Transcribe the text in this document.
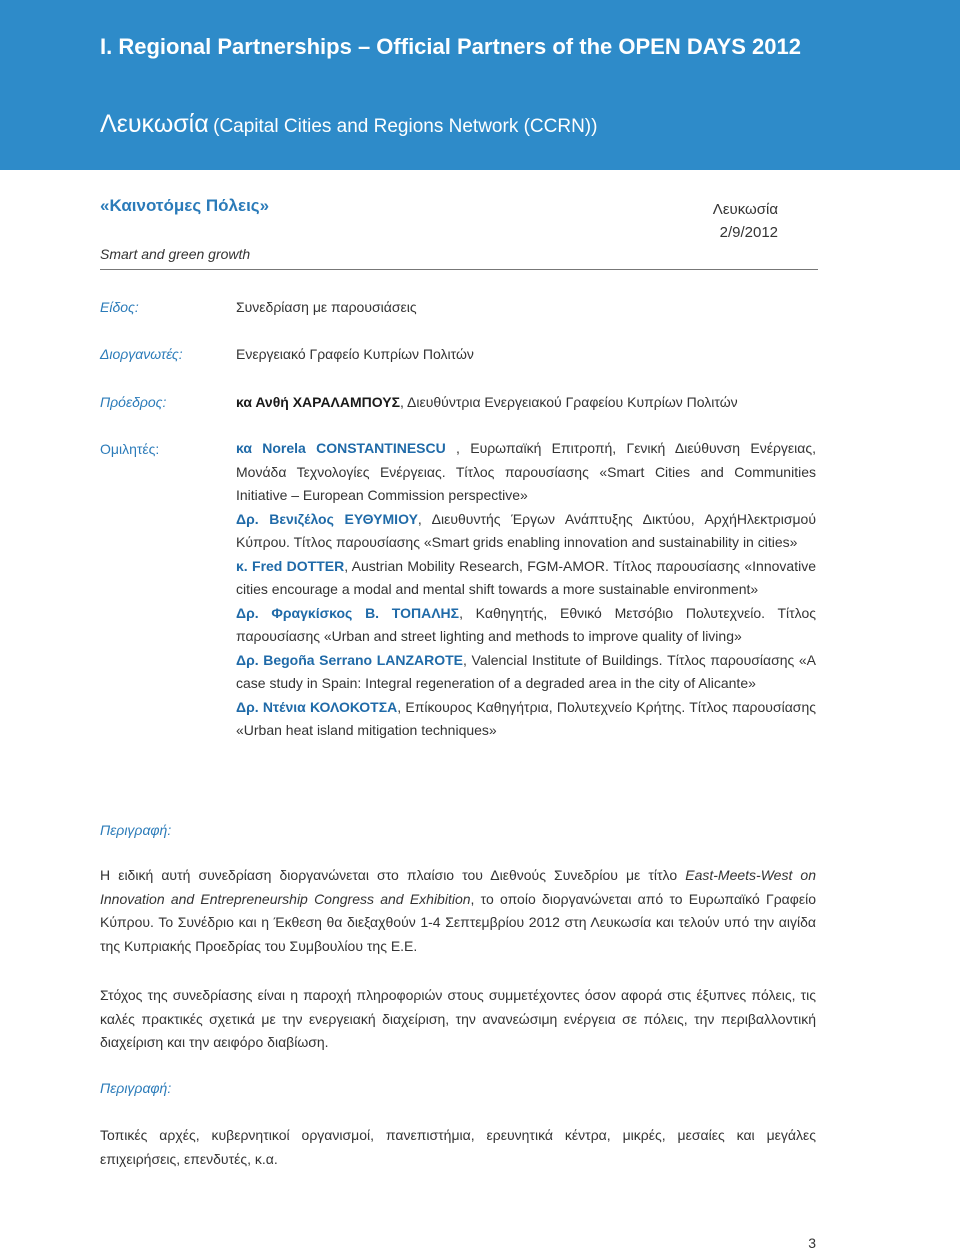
I. Regional Partnerships – Official Partners of the OPEN DAYS 2012
Λευκωσία (Capital Cities and Regions Network (CCRN))
«Καινοτόμες Πόλεις»
Smart and green growth
Λευκωσία
2/9/2012
Είδος:	Συνεδρίαση με παρουσιάσεις
Διοργανωτές:	Ενεργειακό Γραφείο Κυπρίων Πολιτών
Πρόεδρος:	κα Ανθή ΧΑΡΑΛΑΜΠΟΥΣ, Διευθύντρια Ενεργειακού Γραφείου Κυπρίων Πολιτών
Ομιλητές:	κα Norela CONSTANTINESCU , Ευρωπαϊκή Επιτροπή, Γενική Διεύθυνση Ενέργειας, Μονάδα Τεχνολογίες Ενέργειας. Τίτλος παρουσίασης «Smart Cities and Communities Initiative – European Commission perspective»

Δρ. Βενιζέλος ΕΥΘΥΜΙΟΥ, Διευθυντής Έργων Ανάπτυξης Δικτύου, ΑρχήΗλεκτρισμού Κύπρου. Τίτλος παρουσίασης «Smart grids enabling innovation and sustainability in cities»

κ. Fred DOTTER, Austrian Mobility Research, FGM-AMOR. Τίτλος παρουσίασης «Innovative cities encourage a modal and mental shift towards a more sustainable environment»

Δρ. Φραγκίσκος Β. ΤΟΠΑΛΗΣ, Καθηγητής, Εθνικό Μετσόβιο Πολυτεχνείο. Τίτλος παρουσίασης «Urban and street lighting and methods to improve quality of living»

Δρ. Begoña Serrano LANZAROTE, Valencial Institute of Buildings. Τίτλος παρουσίασης «A case study in Spain: Integral regeneration of a degraded area in the city of Alicante»

Δρ. Ντένια ΚΟΛΟΚΟΤΣΑ, Επίκουρος Καθηγήτρια, Πολυτεχνείο Κρήτης. Τίτλος παρουσίασης «Urban heat island mitigation techniques»

Περιγραφή:
Η ειδική αυτή συνεδρίαση διοργανώνεται στο πλαίσιο του Διεθνούς Συνεδρίου με τίτλο East-Meets-West on Innovation and Entrepreneurship Congress and Exhibition, το οποίο διοργανώνεται από το Ευρωπαϊκό Γραφείο Κύπρου. Το Συνέδριο και η Έκθεση θα διεξαχθούν 1-4 Σεπτεμβρίου 2012 στη Λευκωσία και τελούν υπό την αιγίδα της Κυπριακής Προεδρίας του Συμβουλίου της Ε.Ε.
Στόχος της συνεδρίασης είναι η παροχή πληροφοριών στους συμμετέχοντες όσον αφορά στις έξυπνες πόλεις, τις καλές πρακτικές σχετικά με την ενεργειακή διαχείριση, την ανανεώσιμη ενέργεια σε πόλεις, την περιβαλλοντική διαχείριση και την αειφόρο διαβίωση.
Περιγραφή:
Τοπικές αρχές, κυβερνητικοί οργανισμοί, πανεπιστήμια, ερευνητικά κέντρα, μικρές, μεσαίες και μεγάλες επιχειρήσεις, επενδυτές, κ.α.
3
